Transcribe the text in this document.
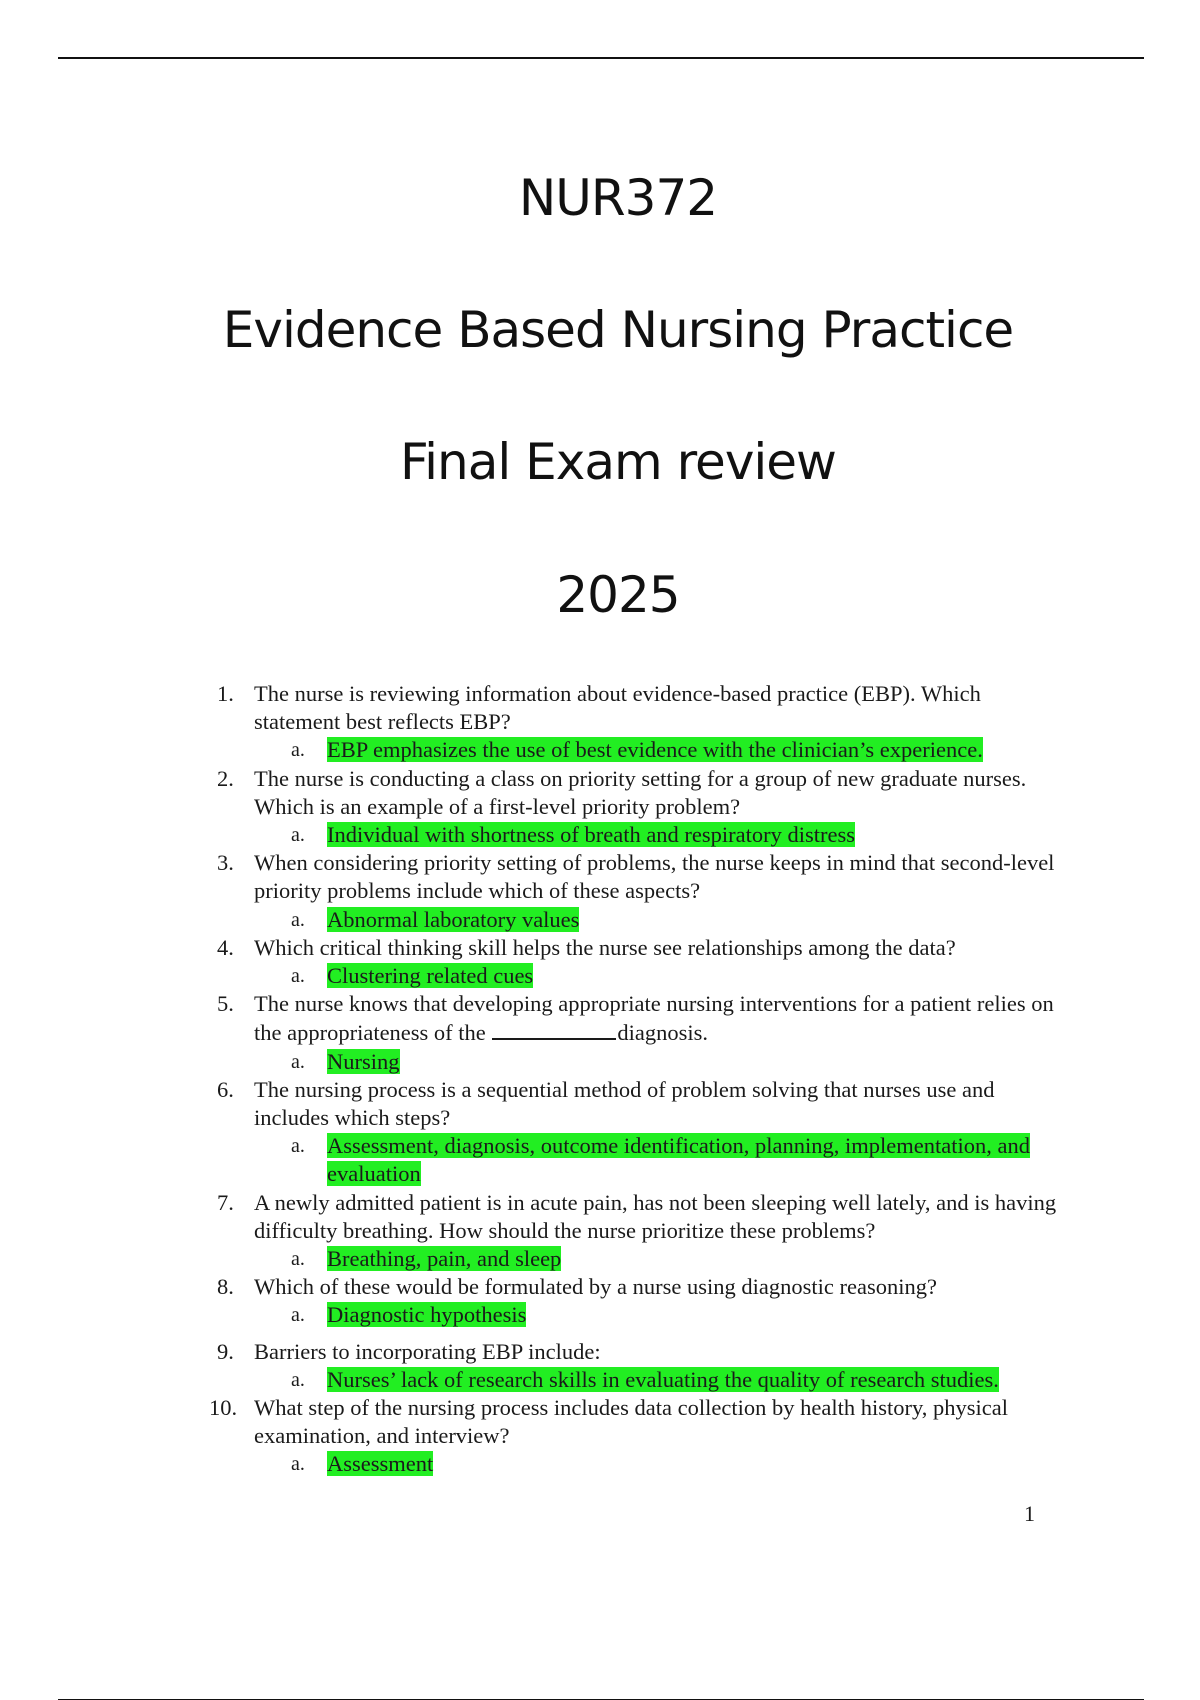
NUR372
Evidence Based Nursing Practice
Final Exam review
2025
1. The nurse is reviewing information about evidence-based practice (EBP). Which statement best reflects EBP?
a. EBP emphasizes the use of best evidence with the clinician’s experience.
2. The nurse is conducting a class on priority setting for a group of new graduate nurses. Which is an example of a first-level priority problem?
a. Individual with shortness of breath and respiratory distress
3. When considering priority setting of problems, the nurse keeps in mind that second-level priority problems include which of these aspects?
a. Abnormal laboratory values
4. Which critical thinking skill helps the nurse see relationships among the data?
a. Clustering related cues
5. The nurse knows that developing appropriate nursing interventions for a patient relies on the appropriateness of the	diagnosis.
a. Nursing
6. The nursing process is a sequential method of problem solving that nurses use and includes which steps?
a. Assessment, diagnosis, outcome identification, planning, implementation, and evaluation
7. A newly admitted patient is in acute pain, has not been sleeping well lately, and is having difficulty breathing. How should the nurse prioritize these problems?
a. Breathing, pain, and sleep
8. Which of these would be formulated by a nurse using diagnostic reasoning?
a. Diagnostic hypothesis
9. Barriers to incorporating EBP include:
a. Nurses’ lack of research skills in evaluating the quality of research studies.
10. What step of the nursing process includes data collection by health history, physical examination, and interview?
a. Assessment
1
